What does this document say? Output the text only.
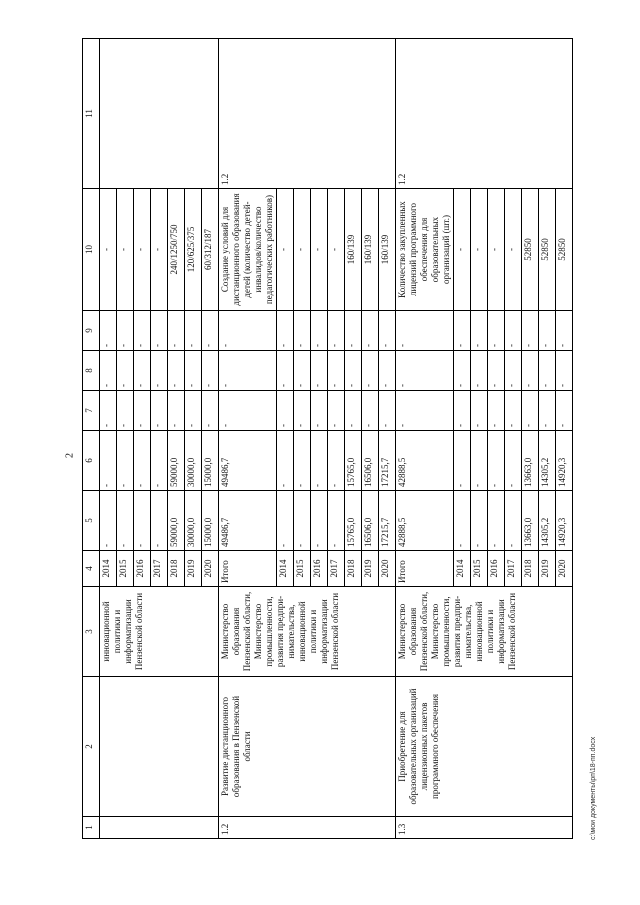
2
c:\мои документы\рп\18-пп.docx
1	2	3	4	5	6	7	8	9	10	11
		инновационной политики и информатизации Пензенской области	2014	-	-	-	-	-	-	
			2015	-	-	-	-	-	-	
			2016	-	-	-	-	-	-	
			2017	-	-	-	-	-	-	
			2018	59000,0	59000,0	-	-	-	240/1250/750	
			2019	30000,0	30000,0	-	-	-	120/625/375	
			2020	15000,0	15000,0	-	-	-	60/312/187	
1.2	Развитие дистанционного образования в Пензенской области	Министерство образования Пензенской области, Министерство промышленности, развития предпри-нимательства, инновационной политики и информатизации Пензенской области	Итого	49486,7	49486,7	-	-	-	Создание условий для дистанционного образования детей (количество детей-инвалидов/количество педагогических работников)	1.2
			2014	-	-	-	-	-	-	
			2015	-	-	-	-	-	-	
			2016	-	-	-	-	-	-	
			2017	-	-	-	-	-	-	
			2018	15765,0	15765,0	-	-	-	160/139	
			2019	16506,0	16506,0	-	-	-	160/139	
			2020	17215,7	17215,7	-	-	-	160/139	
1.3	Приобретение для образовательных организаций лицензионных пакетов программного обеспечения	Министерство образования Пензенской области, Министерство промышленности, развития предпри-нимательства, инновационной политики и информатизации Пензенской области	Итого	42888,5	42888,5	-	-	-	Количество закупленных лицензий программного обеспечения для образовательных организаций (шт.)	1.2
			2014	-	-	-	-	-	-	
			2015	-	-	-	-	-	-	
			2016	-	-	-	-	-	-	
			2017	-	-	-	-	-	-	
			2018	13663,0	13663,0	-	-	-	52850	
			2019	14305,2	14305,2	-	-	-	52850	
			2020	14920,3	14920,3	-	-	-	52850	
